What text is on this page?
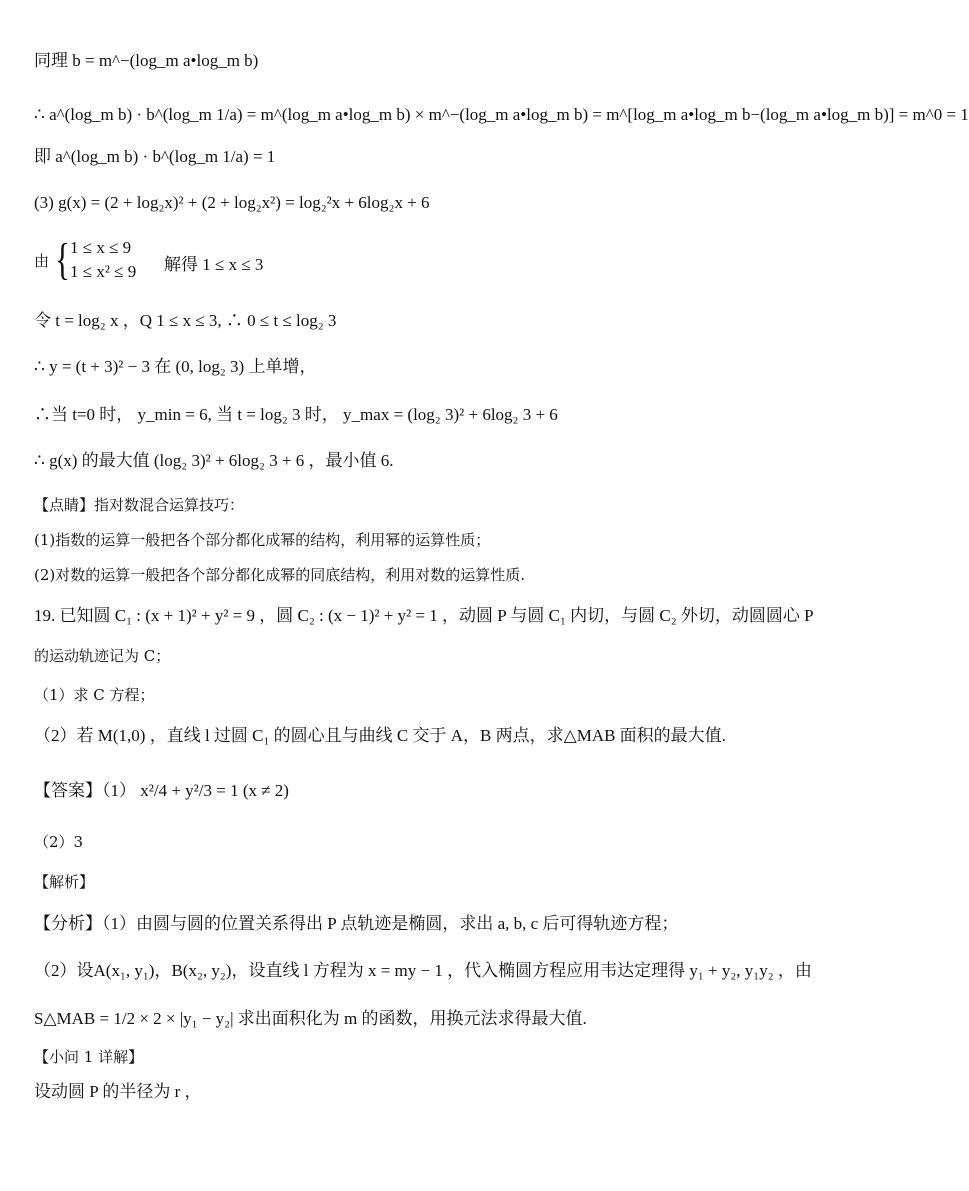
同理 b = m^−(log_m a•log_m b)
∴ a^(log_m b) · b^(log_m 1/a) = m^(log_m a•log_m b) × m^−(log_m a•log_m b) = m^[log_m a•log_m b−(log_m a•log_m b)] = m^0 = 1
即 a^(log_m b) · b^(log_m 1/a) = 1
(3) g(x) = (2 + log₂x)² + (2 + log₂x²) = log₂²x + 6log₂x + 6
由 { 1 ≤ x ≤ 9
1 ≤ x² ≤ 9 解得 1 ≤ x ≤ 3
令 t = log₂ x ，Q 1 ≤ x ≤ 3, ∴ 0 ≤ t ≤ log₂ 3
∴ y = (t + 3)² − 3 在 (0, log₂ 3) 上单增，
∴当 t=0 时， y_min = 6, 当 t = log₂ 3 时， y_max = (log₂ 3)² + 6log₂ 3 + 6
∴ g(x) 的最大值 (log₂ 3)² + 6log₂ 3 + 6 ，最小值 6.
【点睛】指对数混合运算技巧：
(1)指数的运算一般把各个部分都化成幂的结构，利用幂的运算性质；
(2)对数的运算一般把各个部分都化成幂的同底结构，利用对数的运算性质.
19. 已知圆 C₁ : (x + 1)² + y² = 9 ，圆 C₂ : (x − 1)² + y² = 1 ，动圆 P 与圆 C₁ 内切，与圆 C₂ 外切，动圆圆心 P
的运动轨迹记为 C；
（1）求 C 方程；
（2）若 M(1,0) ，直线 l 过圆 C₁ 的圆心且与曲线 C 交于 A，B 两点，求△MAB 面积的最大值.
【答案】（1） x²/4 + y²/3 = 1 (x ≠ 2)
（2）3
【解析】
【分析】（1）由圆与圆的位置关系得出 P 点轨迹是椭圆，求出 a, b, c 后可得轨迹方程；
（2）设A(x₁, y₁)，B(x₂, y₂)，设直线 l 方程为 x = my − 1 ，代入椭圆方程应用韦达定理得 y₁ + y₂, y₁y₂ ，由
S△MAB = 1/2 × 2 × |y₁ − y₂| 求出面积化为 m 的函数，用换元法求得最大值.
【小问 1 详解】
设动圆 P 的半径为 r ，
